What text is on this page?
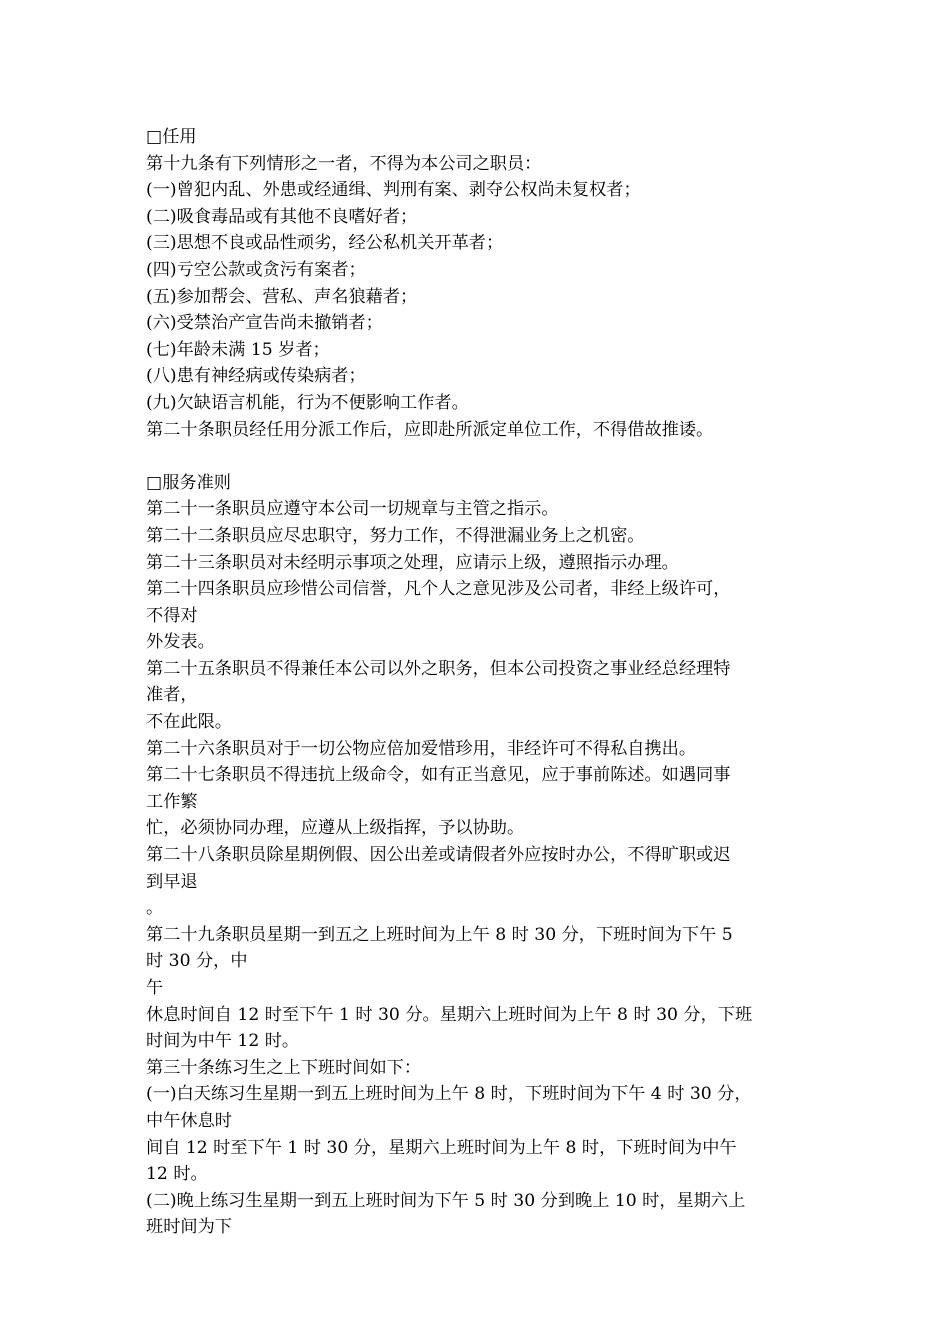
□任用
第十九条有下列情形之一者，不得为本公司之职员：
(一)曾犯内乱、外患或经通缉、判刑有案、剥夺公权尚未复权者；
(二)吸食毒品或有其他不良嗜好者；
(三)思想不良或品性顽劣，经公私机关开革者；
(四)亏空公款或贪污有案者；
(五)参加帮会、营私、声名狼藉者；
(六)受禁治产宣告尚未撤销者；
(七)年龄未满 15 岁者；
(八)患有神经病或传染病者；
(九)欠缺语言机能，行为不便影响工作者。
第二十条职员经任用分派工作后，应即赴所派定单位工作，不得借故推诿。
□服务准则
第二十一条职员应遵守本公司一切规章与主管之指示。
第二十二条职员应尽忠职守，努力工作，不得泄漏业务上之机密。
第二十三条职员对未经明示事项之处理，应请示上级，遵照指示办理。
第二十四条职员应珍惜公司信誉，凡个人之意见涉及公司者，非经上级许可，
不得对
外发表。
第二十五条职员不得兼任本公司以外之职务，但本公司投资之事业经总经理特
准者，
不在此限。
第二十六条职员对于一切公物应倍加爱惜珍用，非经许可不得私自携出。
第二十七条职员不得违抗上级命令，如有正当意见，应于事前陈述。如遇同事
工作繁
忙，必须协同办理，应遵从上级指挥，予以协助。
第二十八条职员除星期例假、因公出差或请假者外应按时办公，不得旷职或迟
到早退
。
第二十九条职员星期一到五之上班时间为上午 8 时 30 分，下班时间为下午 5
时 30 分，中
午
休息时间自 12 时至下午 1 时 30 分。星期六上班时间为上午 8 时 30 分，下班
时间为中午 12 时。
第三十条练习生之上下班时间如下：
(一)白天练习生星期一到五上班时间为上午 8 时，下班时间为下午 4 时 30 分，
中午休息时
间自 12 时至下午 1 时 30 分，星期六上班时间为上午 8 时，下班时间为中午
12 时。
(二)晚上练习生星期一到五上班时间为下午 5 时 30 分到晚上 10 时，星期六上
班时间为下
